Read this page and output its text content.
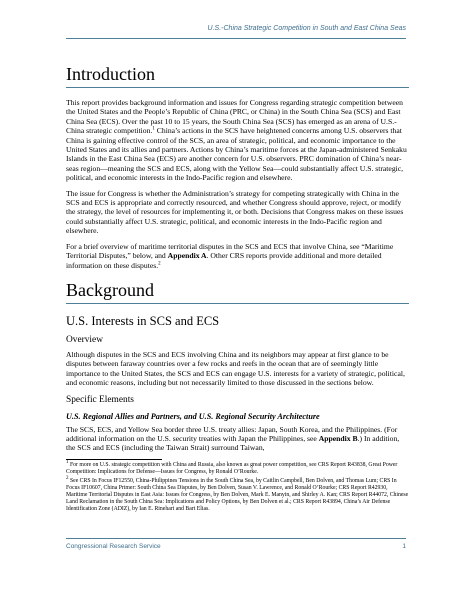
U.S.-China Strategic Competition in South and East China Seas
Introduction

This report provides background information and issues for Congress regarding strategic competition between the United States and the People’s Republic of China (PRC, or China) in the South China Sea (SCS) and East China Sea (ECS). Over the past 10 to 15 years, the South China Sea (SCS) has emerged as an arena of U.S.-China strategic competition.$^1$ China’s actions in the SCS have heightened concerns among U.S. observers that China is gaining effective control of the SCS, an area of strategic, political, and economic importance to the United States and its allies and partners. Actions by China’s maritime forces at the Japan-administered Senkaku Islands in the East China Sea (ECS) are another concern for U.S. observers. PRC domination of China’s near-seas region—meaning the SCS and ECS, along with the Yellow Sea—could substantially affect U.S. strategic, political, and economic interests in the Indo-Pacific region and elsewhere.

The issue for Congress is whether the Administration’s strategy for competing strategically with China in the SCS and ECS is appropriate and correctly resourced, and whether Congress should approve, reject, or modify the strategy, the level of resources for implementing it, or both. Decisions that Congress makes on these issues could substantially affect U.S. strategic, political, and economic interests in the Indo-Pacific region and elsewhere.

For a brief overview of maritime territorial disputes in the SCS and ECS that involve China, see “Maritime Territorial Disputes,” below, and Appendix A. Other CRS reports provide additional and more detailed information on these disputes.$^2$

Background
U.S. Interests in SCS and ECS
Overview

Although disputes in the SCS and ECS involving China and its neighbors may appear at first glance to be disputes between faraway countries over a few rocks and reefs in the ocean that are of seemingly little importance to the United States, the SCS and ECS can engage U.S. interests for a variety of strategic, political, and economic reasons, including but not necessarily limited to those discussed in the sections below.

Specific Elements
U.S. Regional Allies and Partners, and U.S. Regional Security Architecture

The SCS, ECS, and Yellow Sea border three U.S. treaty allies: Japan, South Korea, and the Philippines. (For additional information on the U.S. security treaties with Japan the Philippines, see Appendix B.) In addition, the SCS and ECS (including the Taiwan Strait) surround Taiwan,

$^1$ For more on U.S. strategic competition with China and Russia, also known as great power competition, see CRS Report R43838, Great Power Competition: Implications for Defense—Issues for Congress, by Ronald O’Rourke.

$^2$ See CRS In Focus IF12550, China-Philippines Tensions in the South China Sea, by Caitlin Campbell, Ben Dolven, and Thomas Lum; CRS In Focus IF10607, China Primer: South China Sea Disputes, by Ben Dolven, Susan V. Lawrence, and Ronald O’Rourke; CRS Report R42930, Maritime Territorial Disputes in East Asia: Issues for Congress, by Ben Dolven, Mark E. Manyin, and Shirley A. Kan; CRS Report R44072, Chinese Land Reclamation in the South China Sea: Implications and Policy Options, by Ben Dolven et al.; CRS Report R43894, China’s Air Defense Identification Zone (ADIZ), by Ian E. Rinehart and Bart Elias.

Congressional Research Service	1
